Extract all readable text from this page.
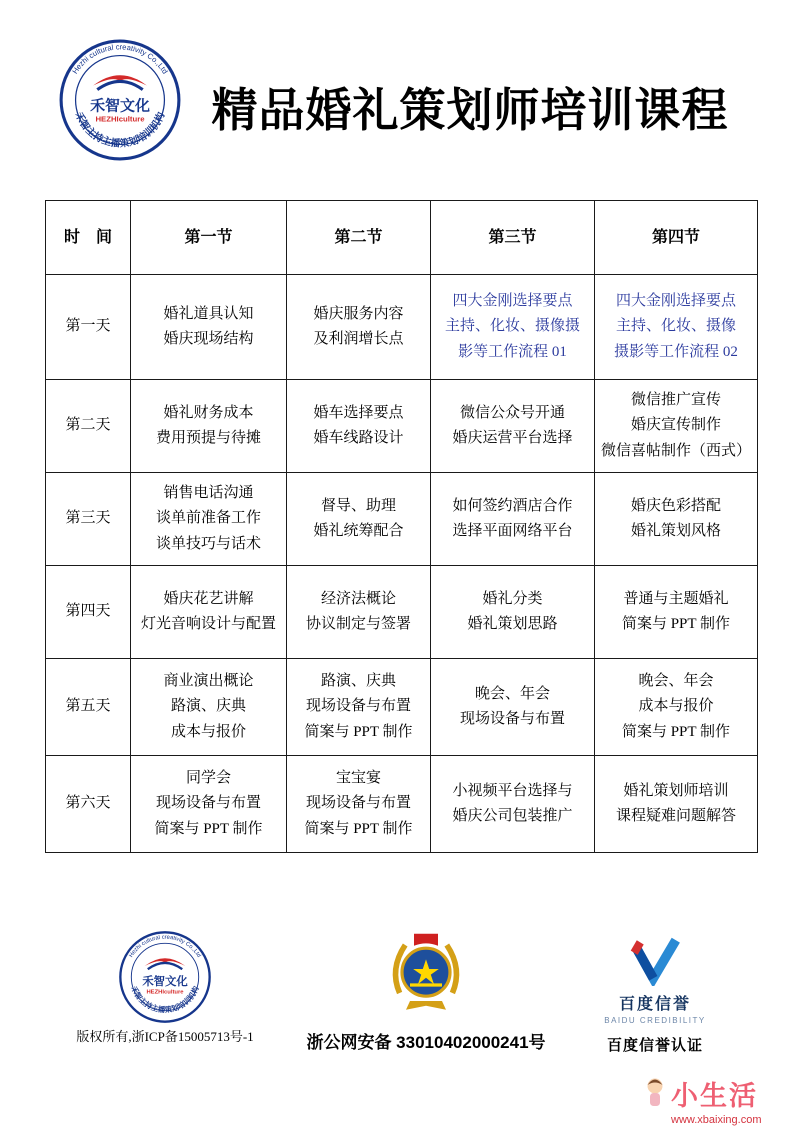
精品婚礼策划师培训课程
时　间	第一节	第二节	第三节	第四节
第一天	
婚礼道具认知
婚庆现场结构

婚庆服务内容
及利润增长点

四大金刚选择要点
主持、化妆、摄像摄
影等工作流程 01

四大金刚选择要点
主持、化妆、摄像
摄影等工作流程 02

第二天	
婚礼财务成本
费用预提与待摊

婚车选择要点
婚车线路设计

微信公众号开通
婚庆运营平台选择

微信推广宣传
婚庆宣传制作
微信喜帖制作（西式）

第三天	
销售电话沟通
谈单前准备工作
谈单技巧与话术

督导、助理
婚礼统筹配合

如何签约酒店合作
选择平面网络平台

婚庆色彩搭配
婚礼策划风格

第四天	
婚庆花艺讲解
灯光音响设计与配置

经济法概论
协议制定与签署

婚礼分类
婚礼策划思路

普通与主题婚礼
简案与 PPT 制作

第五天	
商业演出概论
路演、庆典
成本与报价

路演、庆典
现场设备与布置
简案与 PPT 制作

晚会、年会
现场设备与布置

晚会、年会
成本与报价
简案与 PPT 制作

第六天	
同学会
现场设备与布置
简案与 PPT 制作

宝宝宴
现场设备与布置
简案与 PPT 制作

小视频平台选择与
婚庆公司包装推广

婚礼策划师培训
课程疑难问题解答
版权所有,浙ICP备15005713号-1	浙公网安备 33010402000241号
百度信誉
BAIDU CREDIBILITY
百度信誉认证
小生活
www.xbaixing.com
